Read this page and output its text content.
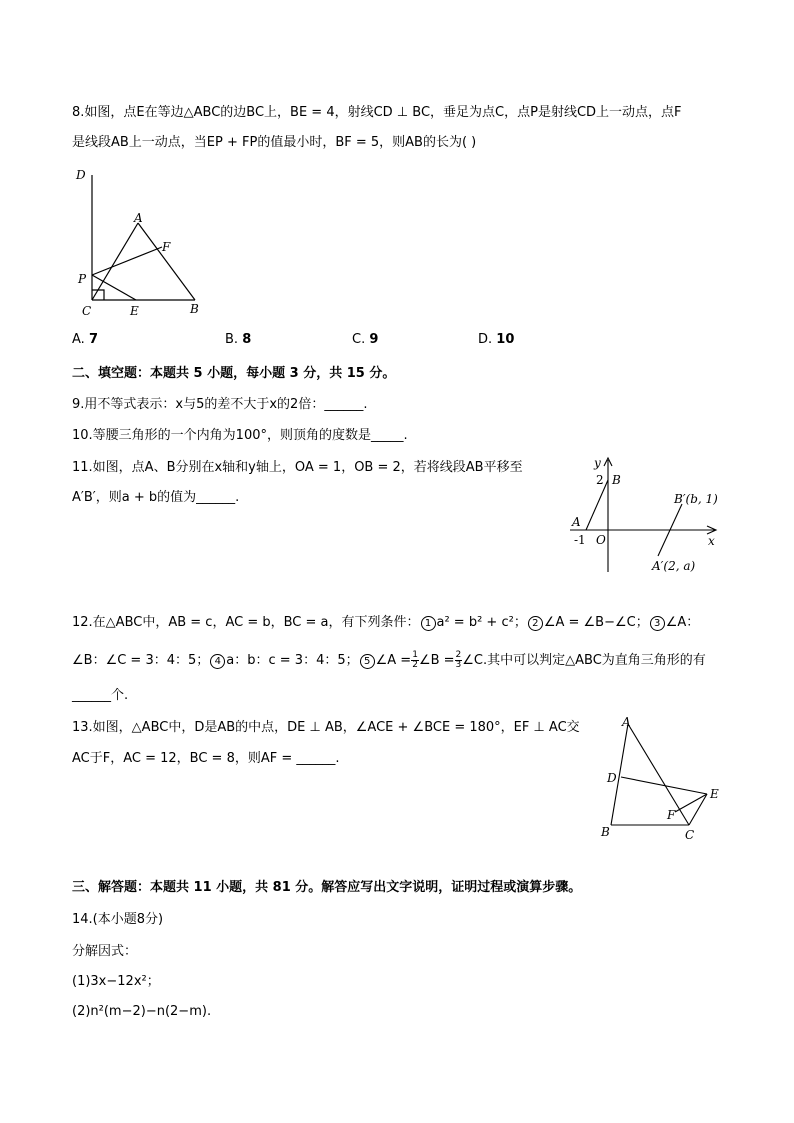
8.如图，点E在等边△ABC的边BC上，BE = 4，射线CD ⊥ BC，垂足为点C，点P是射线CD上一动点，点F
是线段AB上一动点，当EP + FP的值最小时，BF = 5，则AB的长为( )
D
A
F
P
C	E	B
A. 7	B. 8	C. 9	D. 10
二、填空题：本题共 5 小题，每小题 3 分，共 15 分。
9.用不等式表示：x与5的差不大于x的2倍：______.
10.等腰三角形的一个内角为100°，则顶角的度数是_____.
11.如图，点A、B分别在x轴和y轴上，OA = 1，OB = 2，若将线段AB平移至
A′B′，则a + b的值为______.
y
2 B
B′(b, 1)
A
-1 O	x
A′(2, a)
12.在△ABC中，AB = c，AC = b，BC = a，有下列条件： 1 a² = b² + c²； 2 ∠A = ∠B−∠C； 3 ∠A：
∠B：∠C = 3：4：5； 4 a：b：c = 3：4：5； 5 ∠A = $\frac{1}{2}$ ∠B = $\frac{2}{3}$ ∠C.其中可以判定△ABC为直角三角形的有
______个.
13.如图，△ABC中，D是AB的中点，DE ⊥ AB，∠ACE + ∠BCE = 180°，EF ⊥ AC交
AC于F，AC = 12，BC = 8，则AF = ______.
A
D
E
F
B	C
三、解答题：本题共 11 小题，共 81 分。解答应写出文字说明，证明过程或演算步骤。
14.(本小题8分)
分解因式：
(1)3x−12x²；
(2)n²(m−2)−n(2−m).
